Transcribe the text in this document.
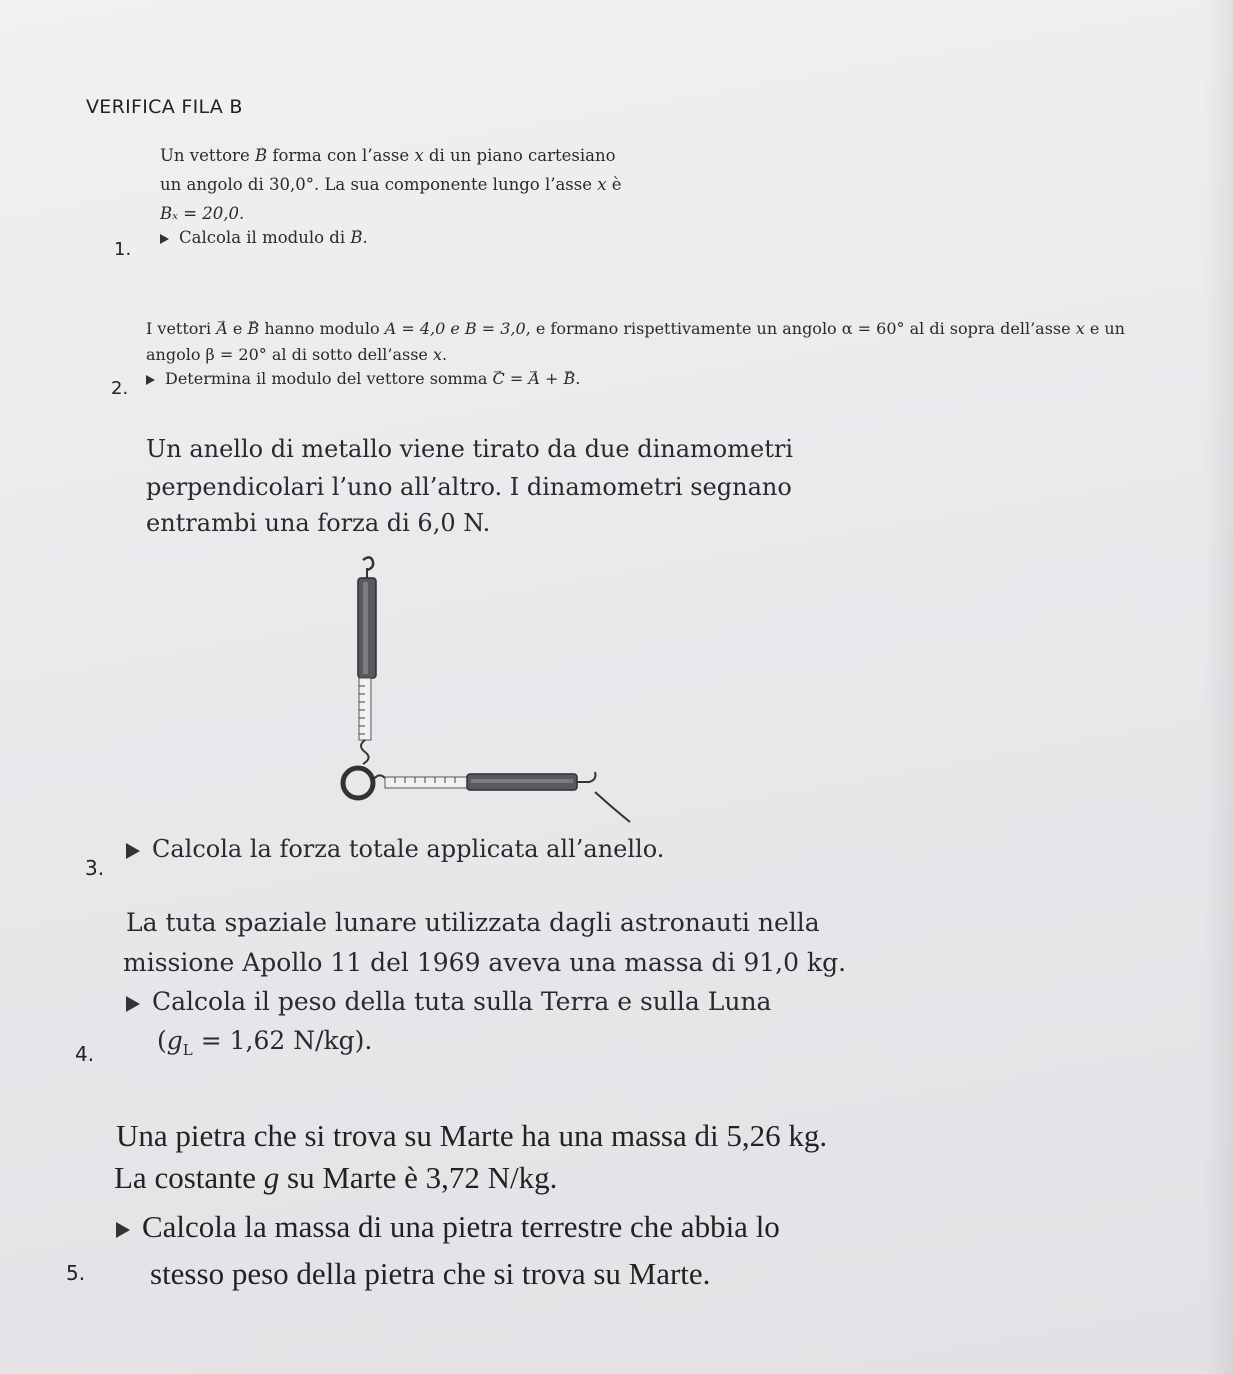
VERIFICA FILA B
Un vettore → B forma con l’asse x di un piano cartesiano
un angolo di 30,0°. La sua componente lungo l’asse x è
Bₓ = 20,0.
Calcola il modulo di → B.
1.
I vettori → A e → B hanno modulo A = 4,0 e B = 3,0, e formano rispettivamente un angolo α = 60° al di sopra dell’asse x e un
angolo β = 20° al di sotto dell’asse x.
Determina il modulo del vettore somma → C = → A + → B.
2.
Un anello di metallo viene tirato da due dinamometri
perpendicolari l’uno all’altro. I dinamometri segnano
entrambi una forza di 6,0 N.
Calcola la forza totale applicata all’anello.
3.
La tuta spaziale lunare utilizzata dagli astronauti nella
missione Apollo 11 del 1969 aveva una massa di 91,0 kg.
Calcola il peso della tuta sulla Terra e sulla Luna
($g_L = 1,62$ N/kg).
4.
Una pietra che si trova su Marte ha una massa di 5,26 kg.
La costante g su Marte è 3,72 N/kg.
Calcola la massa di una pietra terrestre che abbia lo
stesso peso della pietra che si trova su Marte.
5.
